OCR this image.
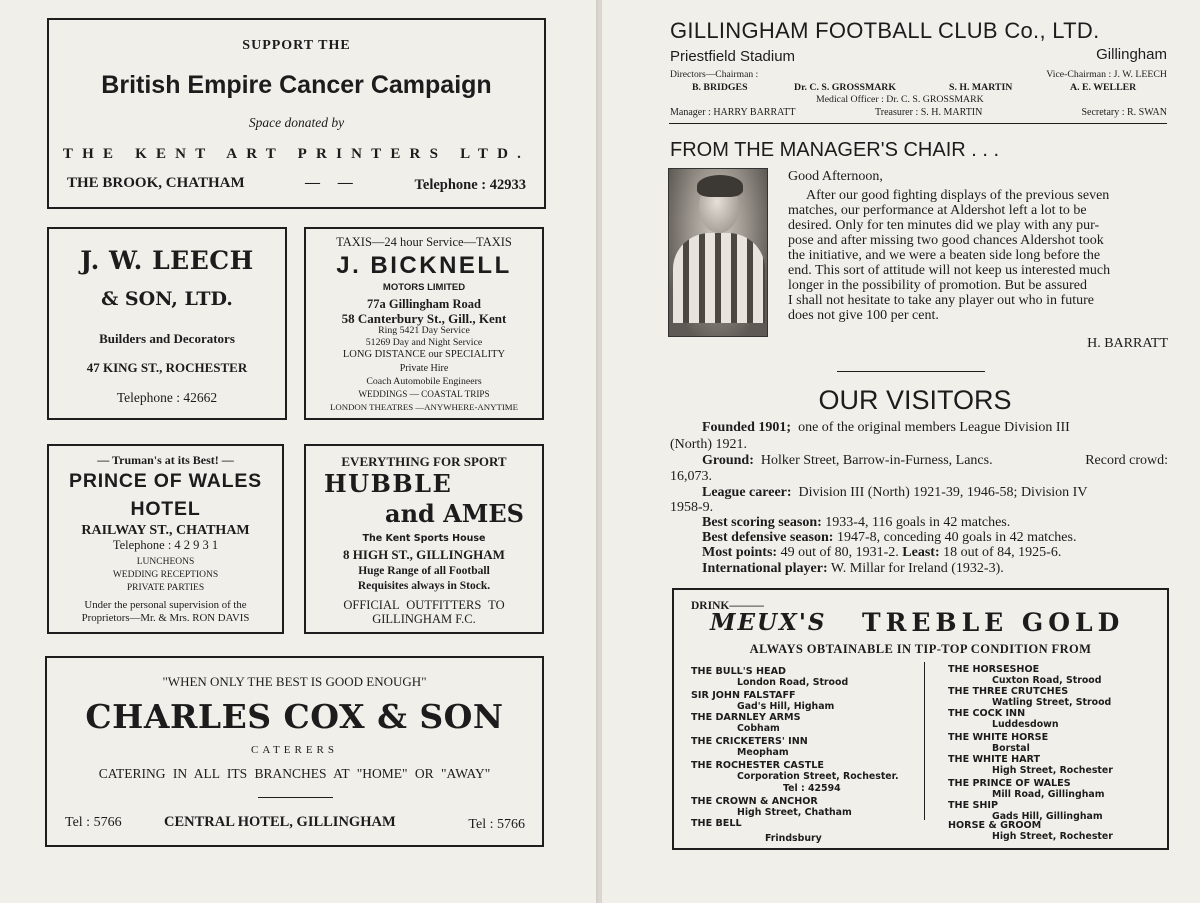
SUPPORT THE
British Empire Cancer Campaign
Space donated by
THE KENT ART PRINTERS LTD.
THE BROOK, CHATHAM	— —	Telephone : 42933
J. W. LEECH
& SON, LTD.
Builders and Decorators
47 KING ST., ROCHESTER
Telephone : 42662
TAXIS—24 hour Service—TAXIS
J. BICKNELL
MOTORS LIMITED
77a Gillingham Road
58 Canterbury St., Gill., Kent
Ring 5421 Day Service
51269 Day and Night Service
LONG DISTANCE our SPECIALITY
Private Hire
Coach Automobile Engineers
WEDDINGS — COASTAL TRIPS
LONDON THEATRES —ANYWHERE-ANYTIME
— Truman's at its Best! —
PRINCE OF WALES
HOTEL
RAILWAY ST., CHATHAM
Telephone : 4 2 9 3 1
LUNCHEONS
WEDDING RECEPTIONS
PRIVATE PARTIES
Under the personal supervision of the
Proprietors—Mr. & Mrs. RON DAVIS
EVERYTHING FOR SPORT
HUBBLE
and AMES
The Kent Sports House
8 HIGH ST., GILLINGHAM
Huge Range of all Football
Requisites always in Stock.
OFFICIAL OUTFITTERS TO
GILLINGHAM F.C.
"WHEN ONLY THE BEST IS GOOD ENOUGH"
CHARLES COX & SON
CATERERS
CATERING IN ALL ITS BRANCHES AT "HOME" OR "AWAY"
Tel : 5766	CENTRAL HOTEL, GILLINGHAM	Tel : 5766
GILLINGHAM FOOTBALL CLUB Co., LTD.
Priestfield Stadium	Gillingham
Directors—Chairman :	Vice-Chairman : J. W. LEECH
B. BRIDGES	Dr. C. S. GROSSMARK	S. H. MARTIN	A. E. WELLER
Medical Officer : Dr. C. S. GROSSMARK
Manager : HARRY BARRATT	Treasurer : S. H. MARTIN	Secretary : R. SWAN
FROM THE MANAGER'S CHAIR . . .
Good Afternoon,
After our good fighting displays of the previous seven
matches, our performance at Aldershot left a lot to be
desired. Only for ten minutes did we play with any pur-
pose and after missing two good chances Aldershot took
the initiative, and we were a beaten side long before the
end. This sort of attitude will not keep us interested much
longer in the possibility of promotion. But be assured
I shall not hesitate to take any player out who in future
does not give 100 per cent.
H. BARRATT
OUR VISITORS
Founded 1901; one of the original members League Division III
(North) 1921.
Ground: Holker Street, Barrow-in-Furness, Lancs.	Record crowd:
16,073.
League career: Division III (North) 1921-39, 1946-58; Division IV
1958-9.
Best scoring season: 1933-4, 116 goals in 42 matches.
Best defensive season: 1947-8, conceding 40 goals in 42 matches.
Most points: 49 out of 80, 1931-2. Least: 18 out of 84, 1925-6.
International player: W. Millar for Ireland (1932-3).
DRINK———
MEUX'S TREBLE GOLD
ALWAYS OBTAINABLE IN TIP-TOP CONDITION FROM
THE BULL'S HEAD
London Road, Strood
SIR JOHN FALSTAFF
Gad's Hill, Higham
THE DARNLEY ARMS
Cobham
THE CRICKETERS' INN
Meopham
THE ROCHESTER CASTLE
Corporation Street, Rochester.
Tel : 42594
THE CROWN & ANCHOR
High Street, Chatham
THE BELL
Frindsbury
THE HORSESHOE
Cuxton Road, Strood
THE THREE CRUTCHES
Watling Street, Strood
THE COCK INN
Luddesdown
THE WHITE HORSE
Borstal
THE WHITE HART
High Street, Rochester
THE PRINCE OF WALES
Mill Road, Gillingham
THE SHIP
Gads Hill, Gillingham
HORSE & GROOM
High Street, Rochester
